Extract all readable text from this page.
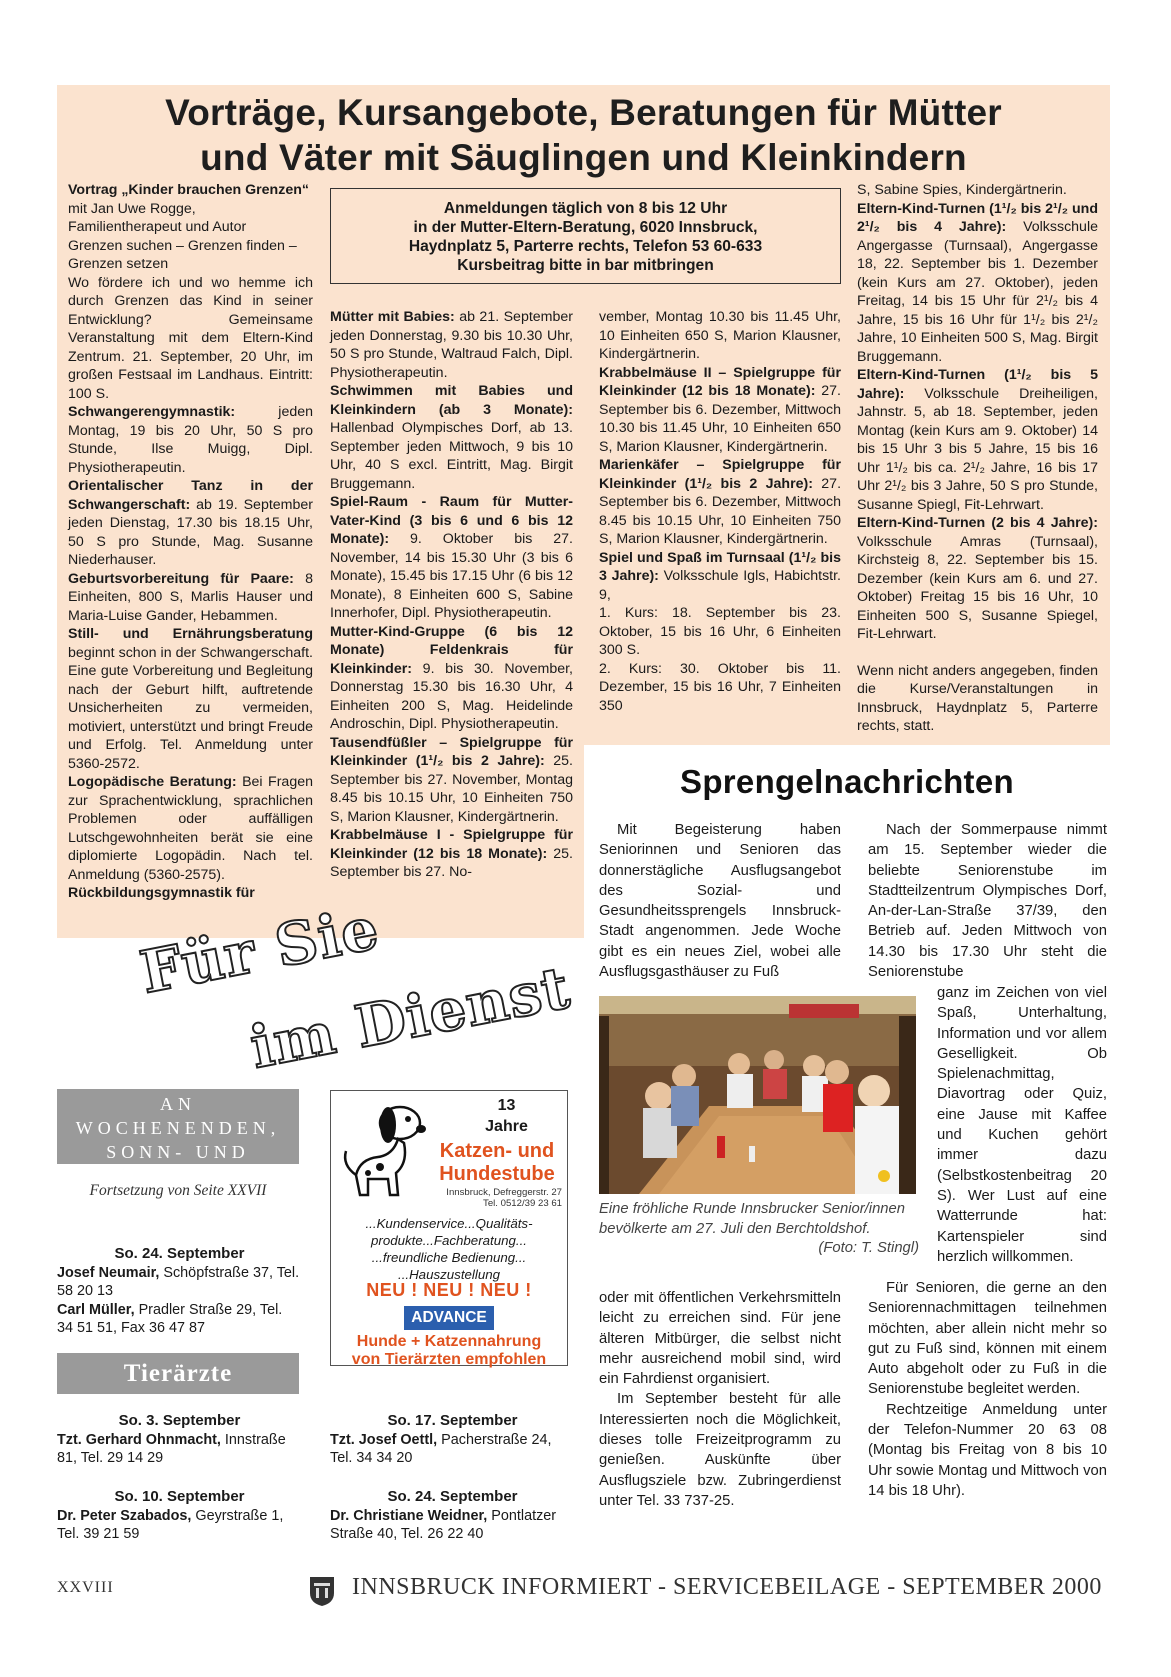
Vorträge, Kursangebote, Beratungen für Mütter
und Väter mit Säuglingen und Kleinkindern
Anmeldungen täglich von 8 bis 12 Uhr
in der Mutter-Eltern-Beratung, 6020 Innsbruck,
Haydnplatz 5, Parterre rechts, Telefon 53 60-633
Kursbeitrag bitte in bar mitbringen

Vortrag „Kinder brauchen Grenzen“

mit Jan Uwe Rogge, Familientherapeut und Autor

Grenzen suchen – Grenzen finden – Grenzen setzen

Wo fördere ich und wo hemme ich durch Grenzen das Kind in seiner Entwicklung? Gemeinsame Veranstaltung mit dem Eltern-Kind Zentrum. 21. September, 20 Uhr, im großen Festsaal im Landhaus. Eintritt: 100 S.

Schwangerengymnastik: jeden Montag, 19 bis 20 Uhr, 50 S pro Stunde, Ilse Muigg, Dipl. Physiotherapeutin.

Orientalischer Tanz in der Schwangerschaft: ab 19. September jeden Dienstag, 17.30 bis 18.15 Uhr, 50 S pro Stunde, Mag. Susanne Niederhauser.

Geburtsvorbereitung für Paare: 8 Einheiten, 800 S, Marlis Hauser und Maria-Luise Gander, Hebammen.

Still- und Ernährungsberatung beginnt schon in der Schwangerschaft. Eine gute Vorbereitung und Begleitung nach der Geburt hilft, auftretende Unsicherheiten zu vermeiden, motiviert, unterstützt und bringt Freude und Erfolg. Tel. Anmeldung unter 5360-2572.

Logopädische Beratung: Bei Fragen zur Sprachentwicklung, sprachlichen Problemen oder auffälligen Lutschgewohnheiten berät sie eine diplomierte Logopädin. Nach tel. Anmeldung (5360-2575).

Rückbildungsgymnastik für

Mütter mit Babies: ab 21. September jeden Donnerstag, 9.30 bis 10.30 Uhr, 50 S pro Stunde, Waltraud Falch, Dipl. Physiotherapeutin.

Schwimmen mit Babies und Kleinkindern (ab 3 Monate): Hallenbad Olympisches Dorf, ab 13. September jeden Mittwoch, 9 bis 10 Uhr, 40 S excl. Eintritt, Mag. Birgit Bruggemann.

Spiel-Raum - Raum für Mutter-Vater-Kind (3 bis 6 und 6 bis 12 Monate): 9. Oktober bis 27. November, 14 bis 15.30 Uhr (3 bis 6 Monate), 15.45 bis 17.15 Uhr (6 bis 12 Monate), 8 Einheiten 600 S, Sabine Innerhofer, Dipl. Physiotherapeutin.

Mutter-Kind-Gruppe (6 bis 12 Monate) Feldenkrais für Kleinkinder: 9. bis 30. November, Donnerstag 15.30 bis 16.30 Uhr, 4 Einheiten 200 S, Mag. Heidelinde Androschin, Dipl. Physiotherapeutin.

Tausendfüßler – Spielgruppe für Kleinkinder (1¹/₂ bis 2 Jahre): 25. September bis 27. November, Montag 8.45 bis 10.15 Uhr, 10 Einheiten 750 S, Marion Klausner, Kindergärtnerin.

Krabbelmäuse I - Spielgruppe für Kleinkinder (12 bis 18 Monate): 25. September bis 27. No-

vember, Montag 10.30 bis 11.45 Uhr, 10 Einheiten 650 S, Marion Klausner, Kindergärtnerin.

Krabbelmäuse II – Spielgruppe für Kleinkinder (12 bis 18 Monate): 27. September bis 6. Dezember, Mittwoch 10.30 bis 11.45 Uhr, 10 Einheiten 650 S, Marion Klausner, Kindergärtnerin.

Marienkäfer – Spielgruppe für Kleinkinder (1¹/₂ bis 2 Jahre): 27. September bis 6. Dezember, Mittwoch 8.45 bis 10.15 Uhr, 10 Einheiten 750 S, Marion Klausner, Kindergärtnerin.

Spiel und Spaß im Turnsaal (1¹/₂ bis 3 Jahre): Volksschule Igls, Habichtstr. 9,

1. Kurs: 18. September bis 23. Oktober, 15 bis 16 Uhr, 6 Einheiten 300 S.

2. Kurs: 30. Oktober bis 11. Dezember, 15 bis 16 Uhr, 7 Einheiten 350

S, Sabine Spies, Kindergärtnerin.

Eltern-Kind-Turnen (1¹/₂ bis 2¹/₂ und 2¹/₂ bis 4 Jahre): Volksschule Angergasse (Turnsaal), Angergasse 18, 22. September bis 1. Dezember (kein Kurs am 27. Oktober), jeden Freitag, 14 bis 15 Uhr für 2¹/₂ bis 4 Jahre, 15 bis 16 Uhr für 1¹/₂ bis 2¹/₂ Jahre, 10 Einheiten 500 S, Mag. Birgit Bruggemann.

Eltern-Kind-Turnen (1¹/₂ bis 5 Jahre): Volksschule Dreiheiligen, Jahnstr. 5, ab 18. September, jeden Montag (kein Kurs am 9. Oktober) 14 bis 15 Uhr 3 bis 5 Jahre, 15 bis 16 Uhr 1¹/₂ bis ca. 2¹/₂ Jahre, 16 bis 17 Uhr 2¹/₂ bis 3 Jahre, 50 S pro Stunde, Susanne Spiegl, Fit-Lehrwart.

Eltern-Kind-Turnen (2 bis 4 Jahre): Volksschule Amras (Turnsaal), Kirchsteig 8, 22. September bis 15. Dezember (kein Kurs am 6. und 27. Oktober) Freitag 15 bis 16 Uhr, 10 Einheiten 500 S, Susanne Spiegel, Fit-Lehrwart.

Wenn nicht anders angegeben, finden die Kurse/Veranstaltungen in Innsbruck, Haydnplatz 5, Parterre rechts, statt.

Sprengelnachrichten

Mit Begeisterung haben Seniorinnen und Senioren das donnerstägliche Ausflugsangebot des Sozial- und Gesundheitssprengels Innsbruck-Stadt angenommen. Jede Woche gibt es ein neues Ziel, wobei alle Ausflugsgasthäuser zu Fuß

Eine fröhliche Runde Innsbrucker Senior/innen bevölkerte am 27. Juli den Berchtoldshof.
(Foto: T. Stingl)

oder mit öffentlichen Verkehrsmitteln leicht zu erreichen sind. Für jene älteren Mitbürger, die selbst nicht mehr ausreichend mobil sind, wird ein Fahrdienst organisiert.

Im September besteht für alle Interessierten noch die Möglichkeit, dieses tolle Freizeitprogramm zu genießen. Auskünfte über Ausflugsziele bzw. Zubringerdienst unter Tel. 33 737-25.

Nach der Sommerpause nimmt am 15. September wieder die beliebte Seniorenstube im Stadtteilzentrum Olympisches Dorf, An-der-Lan-Straße 37/39, den Betrieb auf. Jeden Mittwoch von 14.30 bis 17.30 Uhr steht die Seniorenstube

ganz im Zeichen von viel Spaß, Unterhaltung, Information und vor allem Geselligkeit. Ob Spielenachmittag, Diavortrag oder Quiz, eine Jause mit Kaffee und Kuchen gehört immer dazu (Selbstkostenbeitrag 20 S). Wer Lust auf eine Watterrunde hat: Kartenspieler sind herzlich willkommen.

Für Senioren, die gerne an den Seniorennachmittagen teilnehmen möchten, aber allein nicht mehr so gut zu Fuß sind, können mit einem Auto abgeholt oder zu Fuß in die Seniorenstube begleitet werden.

Rechtzeitige Anmeldung unter der Telefon-Nummer 20 63 08 (Montag bis Freitag von 8 bis 10 Uhr sowie Montag und Mittwoch von 14 bis 18 Uhr).

Für Sie
im Dienst
AN WOCHENENDEN,
SONN- UND
FEIERTAGEN
Fortsetzung von Seite XXVII
So. 24. September
Josef Neumair, Schöpfstraße 37, Tel. 58 20 13
Carl Müller, Pradler Straße 29, Tel. 34 51 51, Fax 36 47 87
Tierärzte
So. 3. September
Tzt. Gerhard Ohnmacht, Innstraße 81, Tel. 29 14 29
So. 10. September
Dr. Peter Szabados, Geyrstraße 1, Tel. 39 21 59
So. 17. September
Tzt. Josef Oettl, Pacherstraße 24, Tel. 34 34 20
So. 24. September
Dr. Christiane Weidner, Pontlatzer Straße 40, Tel. 26 22 40
13
Jahre
Katzen- und
Hundestube
Innsbruck, Defreggerstr. 27
Tel. 0512/39 23 61
...Kundenservice...Qualitäts-
produkte...Fachberatung...
...freundliche Bedienung...
...Hauszustellung
NEU ! NEU ! NEU !
ADVANCE
Hunde + Katzennahrung
von Tierärzten empfohlen
XXVIII	INNSBRUCK INFORMIERT - SERVICEBEILAGE - SEPTEMBER 2000
